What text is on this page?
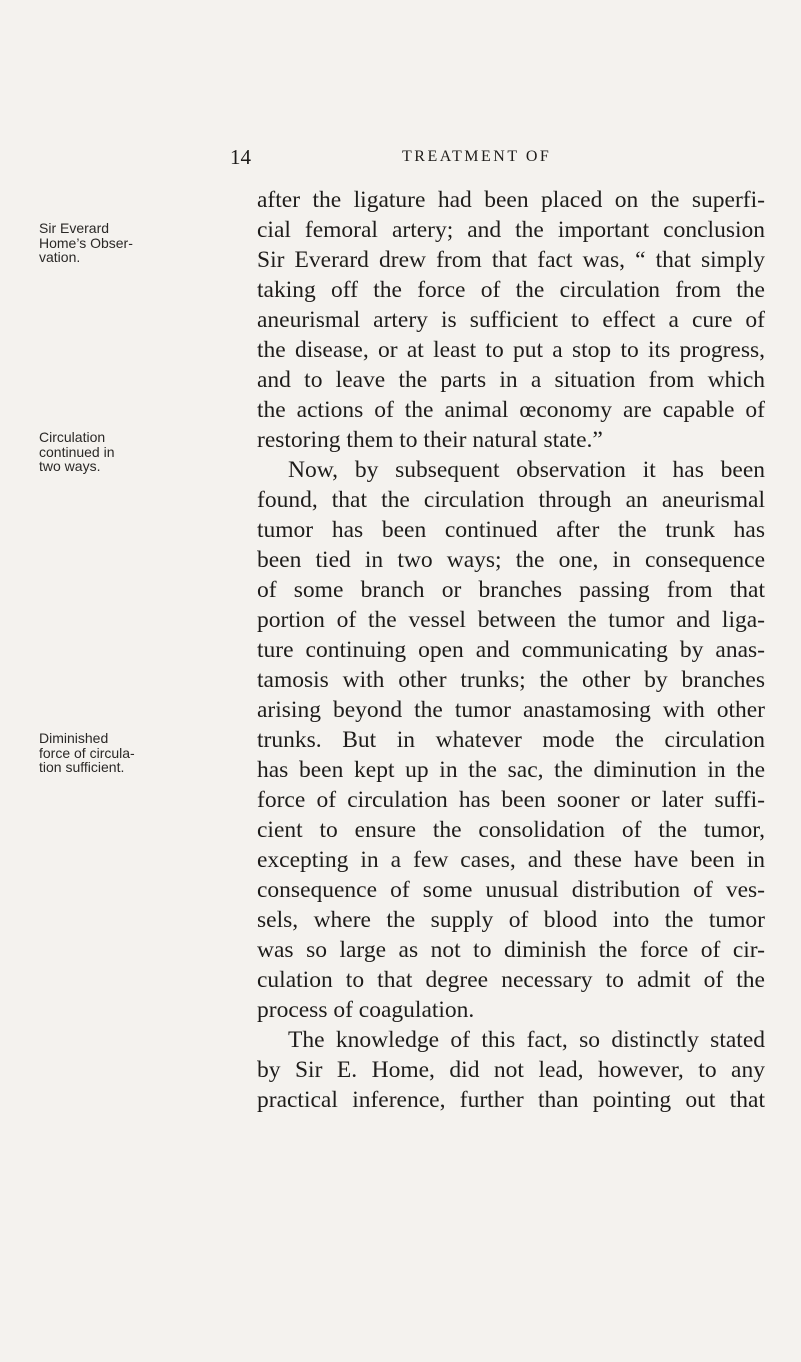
14	TREATMENT OF
Sir Everard
Home’s Obser-
vation.
Circulation
continued in
two ways.
Diminished
force of circula-
tion sufficient.
after the ligature had been placed on the superfi-
cial femoral artery; and the important conclusion
Sir Everard drew from that fact was, “ that simply
taking off the force of the circulation from the
aneurismal artery is sufficient to effect a cure of
the disease, or at least to put a stop to its progress,
and to leave the parts in a situation from which
the actions of the animal œconomy are capable of
restoring them to their natural state.”
Now, by subsequent observation it has been
found, that the circulation through an aneurismal
tumor has been continued after the trunk has
been tied in two ways; the one, in consequence
of some branch or branches passing from that
portion of the vessel between the tumor and liga-
ture continuing open and communicating by anas-
tamosis with other trunks; the other by branches
arising beyond the tumor anastamosing with other
trunks. But in whatever mode the circulation
has been kept up in the sac, the diminution in the
force of circulation has been sooner or later suffi-
cient to ensure the consolidation of the tumor,
excepting in a few cases, and these have been in
consequence of some unusual distribution of ves-
sels, where the supply of blood into the tumor
was so large as not to diminish the force of cir-
culation to that degree necessary to admit of the
process of coagulation.
The knowledge of this fact, so distinctly stated
by Sir E. Home, did not lead, however, to any
practical inference, further than pointing out that
